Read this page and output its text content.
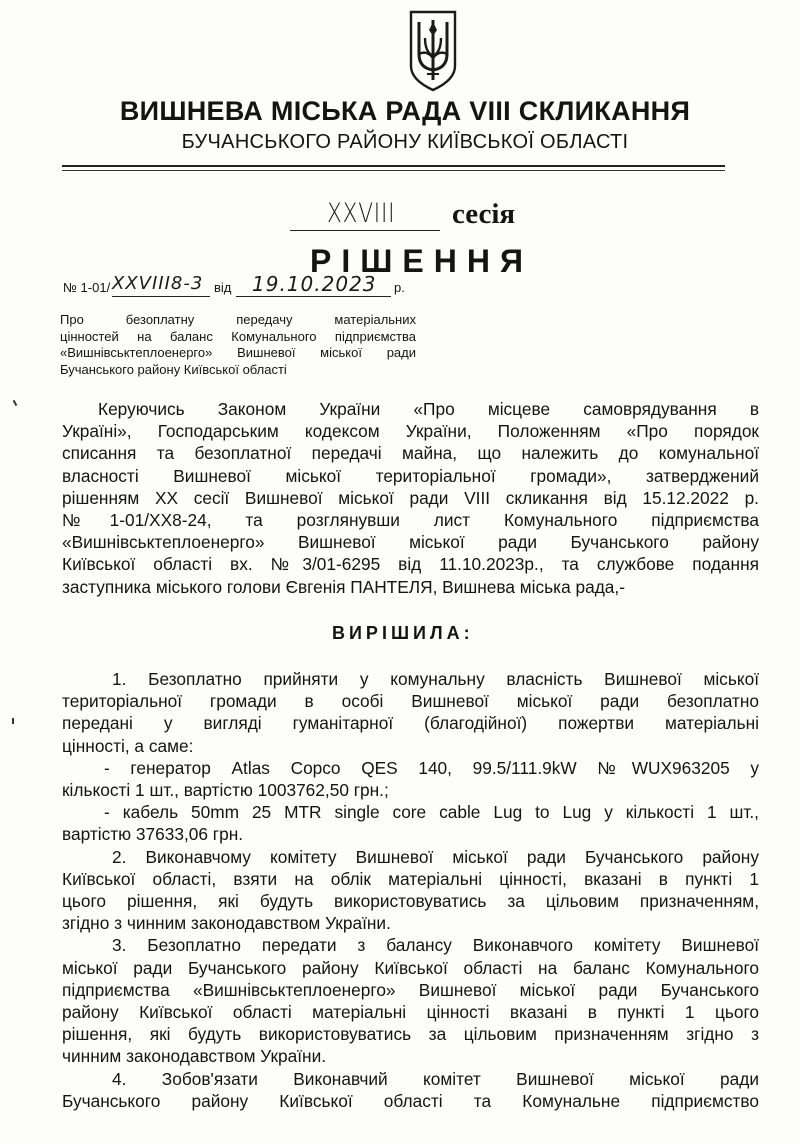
ВИШНЕВА МІСЬКА РАДА VIII СКЛИКАННЯ
БУЧАНСЬКОГО РАЙОНУ КИЇВСЬКОЇ ОБЛАСТІ
XXVIII сесія
РІШЕННЯ
№ 1-01/ XXVIII8-3 від 19.10.2023 р.
Про безоплатну передачу матеріальних
цінностей на баланс Комунального підприємства
«Вишнівськтеплоенерго» Вишневої міської ради
Бучанського району Київської області
Керуючись Законом України «Про місцеве самоврядування в
Україні», Господарським кодексом України, Положенням «Про порядок
списання та безоплатної передачі майна, що належить до комунальної
власності Вишневої міської територіальної громади», затверджений
рішенням XX сесії Вишневої міської ради VIII скликання від 15.12.2022 р.
№1-01/XX8-24, та розглянувши лист Комунального підприємства
«Вишнівськтеплоенерго» Вишневої міської ради Бучанського району
Київської області вх. №3/01-6295 від 11.10.2023р., та службове подання
заступника міського голови Євгенія ПАНТЕЛЯ, Вишнева міська рада,-
ВИРІШИЛА:
1. Безоплатно прийняти у комунальну власність Вишневої міської
територіальної громади в особі Вишневої міської ради безоплатно
передані у вигляді гуманітарної (благодійної) пожертви матеріальні
цінності, а саме:
- генератор Atlas Copco QES 140, 99.5/111.9kW №WUX963205 у
кількості 1 шт., вартістю 1003762,50 грн.;
- кабель 50mm 25 MTR single core cable Lug to Lug у кількості 1 шт.,
вартістю 37633,06 грн.
2. Виконавчому комітету Вишневої міської ради Бучанського району
Київської області, взяти на облік матеріальні цінності, вказані в пункті 1
цього рішення, які будуть використовуватись за цільовим призначенням,
згідно з чинним законодавством України.
3. Безоплатно передати з балансу Виконавчого комітету Вишневої
міської ради Бучанського району Київської області на баланс Комунального
підприємства «Вишнівськтеплоенерго» Вишневої міської ради Бучанського
району Київської області матеріальні цінності вказані в пункті 1 цього
рішення, які будуть використовуватись за цільовим призначенням згідно з
чинним законодавством України.
4. Зобов'язати Виконавчий комітет Вишневої міської ради
Бучанського району Київської області та Комунальне підприємство
